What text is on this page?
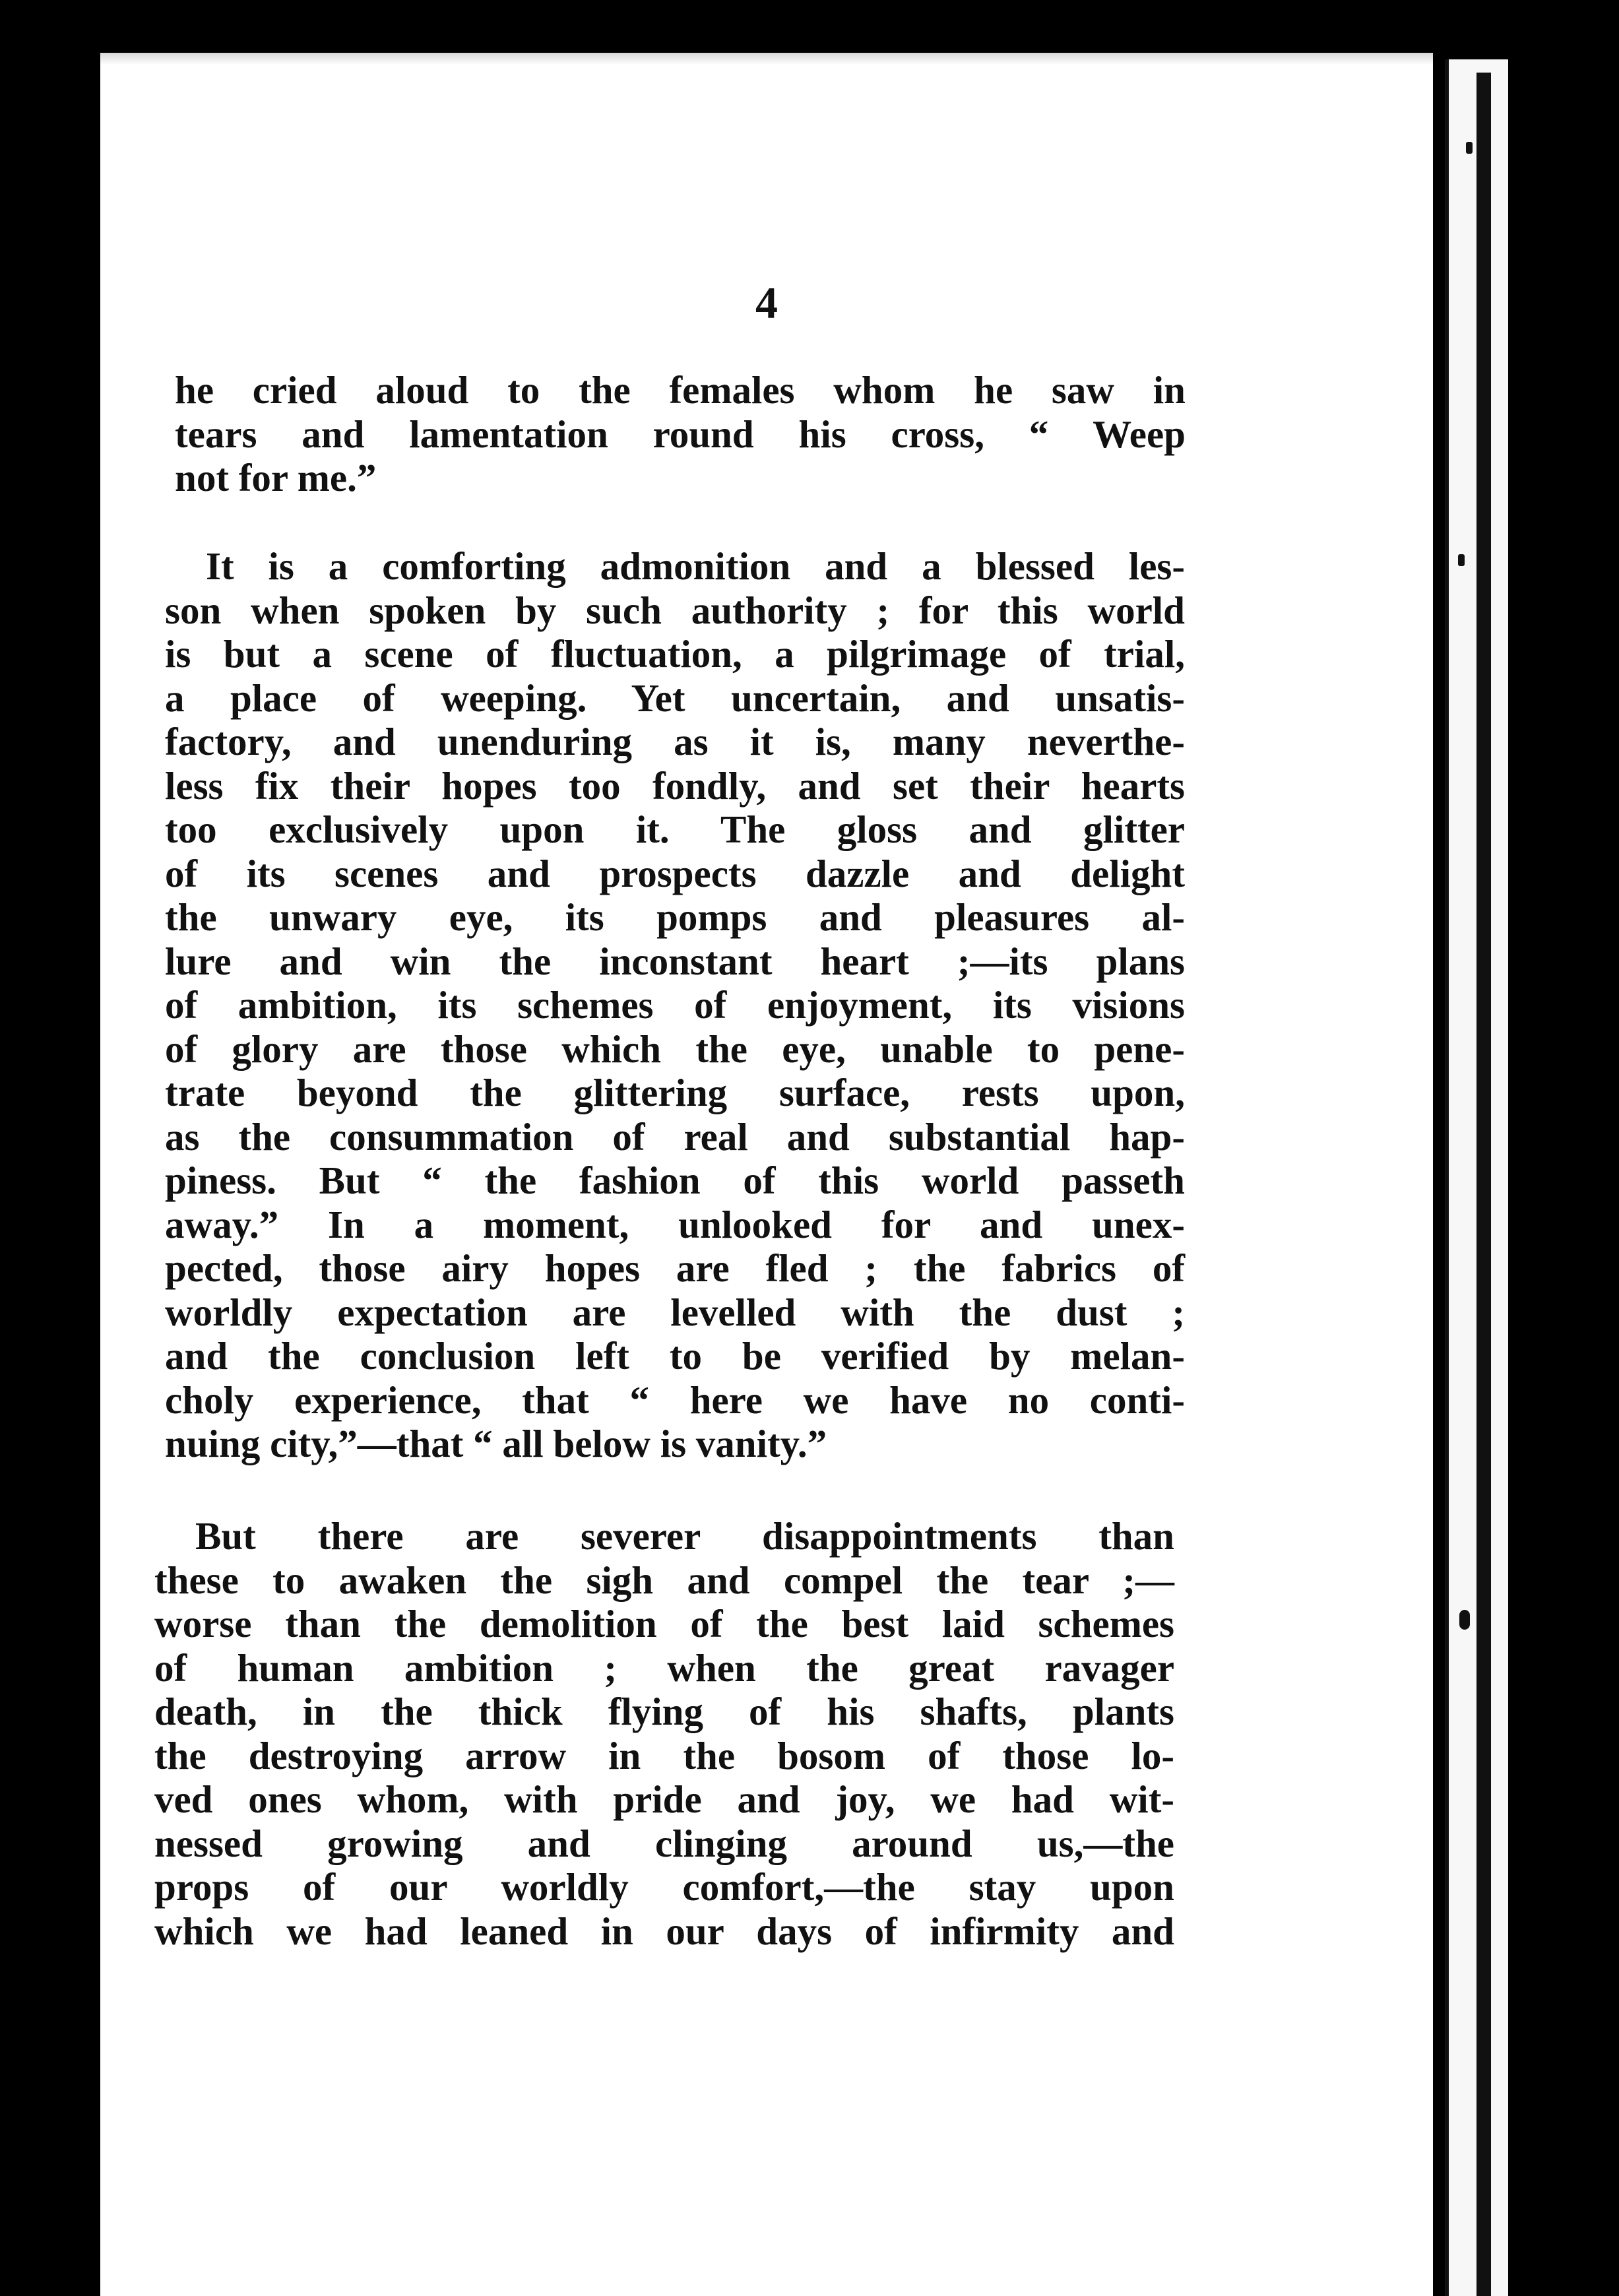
4
he cried aloud to the females whom he saw in
tears and lamentation round his cross, “ Weep
not for me.”
It is a comforting admonition and a blessed les-
son when spoken by such authority ; for this world
is but a scene of fluctuation, a pilgrimage of trial,
a place of weeping. Yet uncertain, and unsatis-
factory, and unenduring as it is, many neverthe-
less fix their hopes too fondly, and set their hearts
too exclusively upon it. The gloss and glitter
of its scenes and prospects dazzle and delight
the unwary eye, its pomps and pleasures al-
lure and win the inconstant heart ;—its plans
of ambition, its schemes of enjoyment, its visions
of glory are those which the eye, unable to pene-
trate beyond the glittering surface, rests upon,
as the consummation of real and substantial hap-
piness. But “ the fashion of this world passeth
away.” In a moment, unlooked for and unex-
pected, those airy hopes are fled ; the fabrics of
worldly expectation are levelled with the dust ;
and the conclusion left to be verified by melan-
choly experience, that “ here we have no conti-
nuing city,”—that “ all below is vanity.”
But there are severer disappointments than
these to awaken the sigh and compel the tear ;—
worse than the demolition of the best laid schemes
of human ambition ; when the great ravager
death, in the thick flying of his shafts, plants
the destroying arrow in the bosom of those lo-
ved ones whom, with pride and joy, we had wit-
nessed growing and clinging around us,—the
props of our worldly comfort,—the stay upon
which we had leaned in our days of infirmity and
